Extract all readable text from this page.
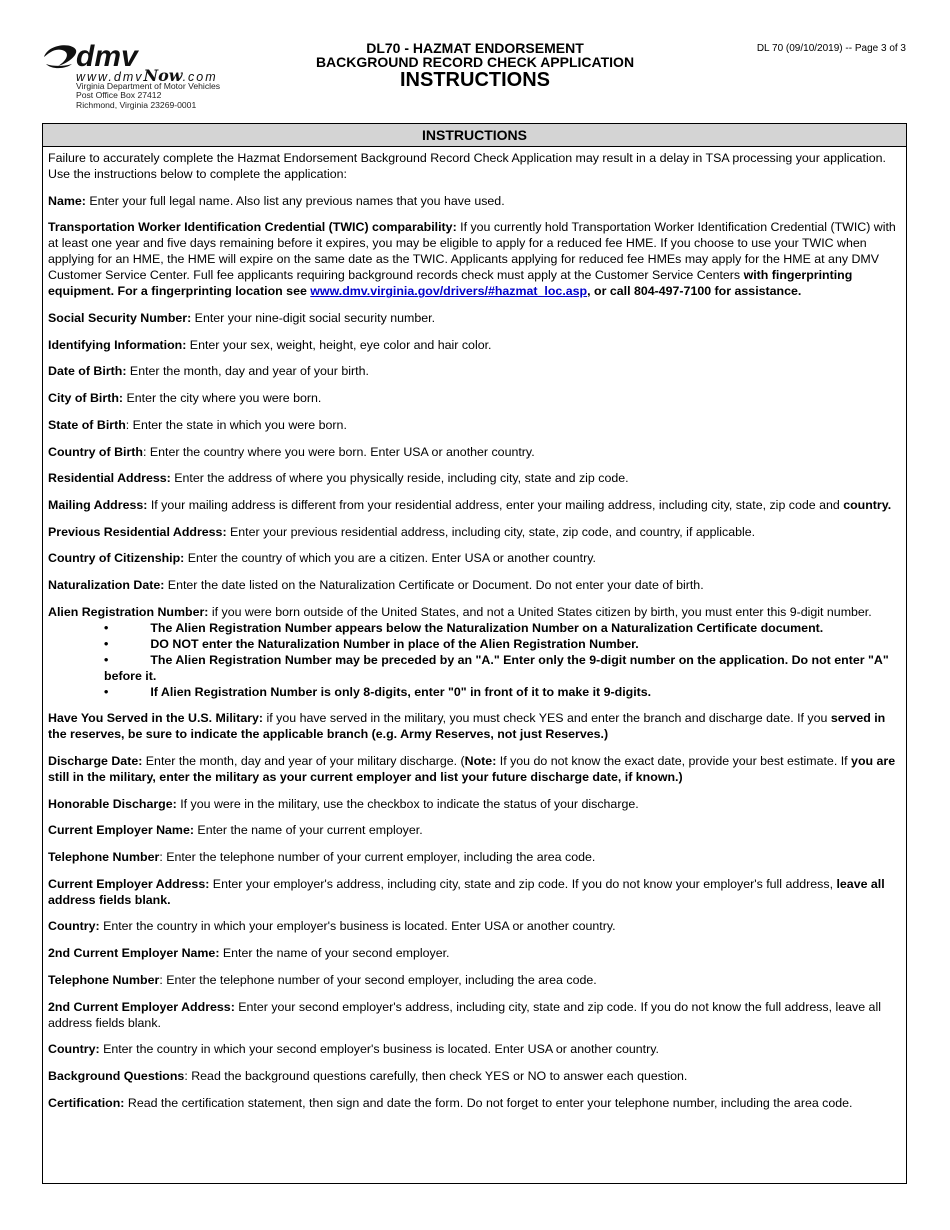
dmv
www.dmvNow.com
Virginia Department of Motor Vehicles
Post Office Box 27412
Richmond, Virginia 23269-0001
DL70 - HAZMAT ENDORSEMENT
BACKGROUND RECORD CHECK APPLICATION
INSTRUCTIONS
DL 70 (09/10/2019) -- Page 3 of 3
INSTRUCTIONS

Failure to accurately complete the Hazmat Endorsement Background Record Check Application may result in a delay in TSA processing your application. Use the instructions below to complete the application:

Name: Enter your full legal name. Also list any previous names that you have used.

Transportation Worker Identification Credential (TWIC) comparability: If you currently hold Transportation Worker Identification Credential (TWIC) with at least one year and five days remaining before it expires, you may be eligible to apply for a reduced fee HME. If you choose to use your TWIC when applying for an HME, the HME will expire on the same date as the TWIC. Applicants applying for reduced fee HMEs may apply for the HME at any DMV Customer Service Center. Full fee applicants requiring background records check must apply at the Customer Service Centers with fingerprinting equipment. For a fingerprinting location see www.dmv.virginia.gov/drivers/#hazmat_loc.asp, or call 804-497-7100 for assistance.

Social Security Number: Enter your nine-digit social security number.

Identifying Information: Enter your sex, weight, height, eye color and hair color.

Date of Birth: Enter the month, day and year of your birth.

City of Birth: Enter the city where you were born.

State of Birth: Enter the state in which you were born.

Country of Birth: Enter the country where you were born. Enter USA or another country.

Residential Address: Enter the address of where you physically reside, including city, state and zip code.

Mailing Address: If your mailing address is different from your residential address, enter your mailing address, including city, state, zip code and country.

Previous Residential Address: Enter your previous residential address, including city, state, zip code, and country, if applicable.

Country of Citizenship: Enter the country of which you are a citizen. Enter USA or another country.

Naturalization Date: Enter the date listed on the Naturalization Certificate or Document. Do not enter your date of birth.

Alien Registration Number: if you were born outside of the United States, and not a United States citizen by birth, you must enter this 9-digit number.

•	The Alien Registration Number appears below the Naturalization Number on a Naturalization Certificate document.
•	DO NOT enter the Naturalization Number in place of the Alien Registration Number.
•	The Alien Registration Number may be preceded by an "A." Enter only the 9-digit number on the application. Do not enter "A" before it.
•	If Alien Registration Number is only 8-digits, enter "0" in front of it to make it 9-digits.

Have You Served in the U.S. Military: if you have served in the military, you must check YES and enter the branch and discharge date. If you served in the reserves, be sure to indicate the applicable branch (e.g. Army Reserves, not just Reserves.)

Discharge Date: Enter the month, day and year of your military discharge. (Note: If you do not know the exact date, provide your best estimate. If you are still in the military, enter the military as your current employer and list your future discharge date, if known.)

Honorable Discharge: If you were in the military, use the checkbox to indicate the status of your discharge.

Current Employer Name: Enter the name of your current employer.

Telephone Number: Enter the telephone number of your current employer, including the area code.

Current Employer Address: Enter your employer's address, including city, state and zip code. If you do not know your employer's full address, leave all address fields blank.

Country: Enter the country in which your employer's business is located. Enter USA or another country.

2nd Current Employer Name: Enter the name of your second employer.

Telephone Number: Enter the telephone number of your second employer, including the area code.

2nd Current Employer Address: Enter your second employer's address, including city, state and zip code. If you do not know the full address, leave all address fields blank.

Country: Enter the country in which your second employer's business is located. Enter USA or another country.

Background Questions: Read the background questions carefully, then check YES or NO to answer each question.

Certification: Read the certification statement, then sign and date the form. Do not forget to enter your telephone number, including the area code.
